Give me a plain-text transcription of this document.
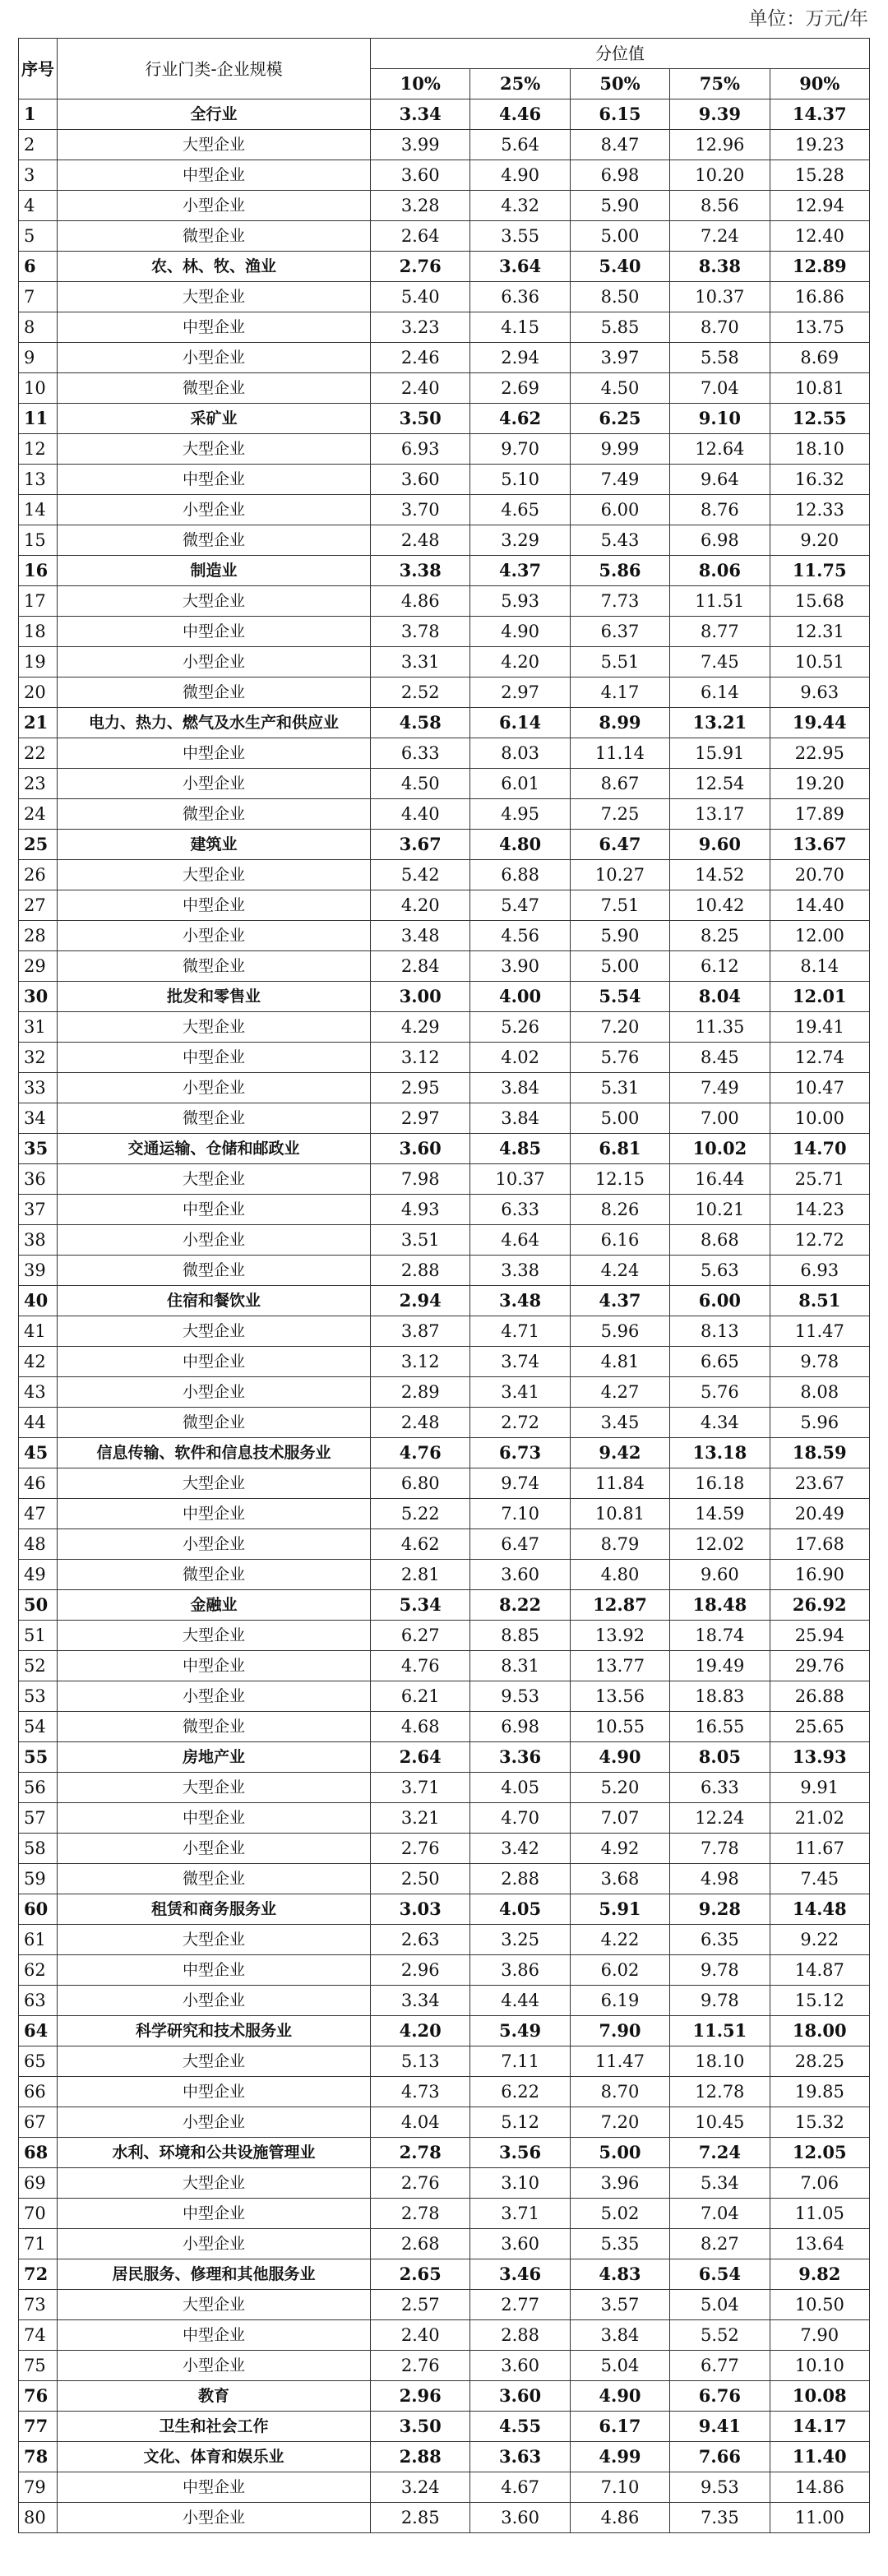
单位：万元/年
序号	行业门类-企业规模	分位值				
		10%	25%	50%	75%	90%
1	全行业	3.34	4.46	6.15	9.39	14.37
2	大型企业	3.99	5.64	8.47	12.96	19.23
3	中型企业	3.60	4.90	6.98	10.20	15.28
4	小型企业	3.28	4.32	5.90	8.56	12.94
5	微型企业	2.64	3.55	5.00	7.24	12.40
6	农、林、牧、渔业	2.76	3.64	5.40	8.38	12.89
7	大型企业	5.40	6.36	8.50	10.37	16.86
8	中型企业	3.23	4.15	5.85	8.70	13.75
9	小型企业	2.46	2.94	3.97	5.58	8.69
10	微型企业	2.40	2.69	4.50	7.04	10.81
11	采矿业	3.50	4.62	6.25	9.10	12.55
12	大型企业	6.93	9.70	9.99	12.64	18.10
13	中型企业	3.60	5.10	7.49	9.64	16.32
14	小型企业	3.70	4.65	6.00	8.76	12.33
15	微型企业	2.48	3.29	5.43	6.98	9.20
16	制造业	3.38	4.37	5.86	8.06	11.75
17	大型企业	4.86	5.93	7.73	11.51	15.68
18	中型企业	3.78	4.90	6.37	8.77	12.31
19	小型企业	3.31	4.20	5.51	7.45	10.51
20	微型企业	2.52	2.97	4.17	6.14	9.63
21	电力、热力、燃气及水生产和供应业	4.58	6.14	8.99	13.21	19.44
22	中型企业	6.33	8.03	11.14	15.91	22.95
23	小型企业	4.50	6.01	8.67	12.54	19.20
24	微型企业	4.40	4.95	7.25	13.17	17.89
25	建筑业	3.67	4.80	6.47	9.60	13.67
26	大型企业	5.42	6.88	10.27	14.52	20.70
27	中型企业	4.20	5.47	7.51	10.42	14.40
28	小型企业	3.48	4.56	5.90	8.25	12.00
29	微型企业	2.84	3.90	5.00	6.12	8.14
30	批发和零售业	3.00	4.00	5.54	8.04	12.01
31	大型企业	4.29	5.26	7.20	11.35	19.41
32	中型企业	3.12	4.02	5.76	8.45	12.74
33	小型企业	2.95	3.84	5.31	7.49	10.47
34	微型企业	2.97	3.84	5.00	7.00	10.00
35	交通运输、仓储和邮政业	3.60	4.85	6.81	10.02	14.70
36	大型企业	7.98	10.37	12.15	16.44	25.71
37	中型企业	4.93	6.33	8.26	10.21	14.23
38	小型企业	3.51	4.64	6.16	8.68	12.72
39	微型企业	2.88	3.38	4.24	5.63	6.93
40	住宿和餐饮业	2.94	3.48	4.37	6.00	8.51
41	大型企业	3.87	4.71	5.96	8.13	11.47
42	中型企业	3.12	3.74	4.81	6.65	9.78
43	小型企业	2.89	3.41	4.27	5.76	8.08
44	微型企业	2.48	2.72	3.45	4.34	5.96
45	信息传输、软件和信息技术服务业	4.76	6.73	9.42	13.18	18.59
46	大型企业	6.80	9.74	11.84	16.18	23.67
47	中型企业	5.22	7.10	10.81	14.59	20.49
48	小型企业	4.62	6.47	8.79	12.02	17.68
49	微型企业	2.81	3.60	4.80	9.60	16.90
50	金融业	5.34	8.22	12.87	18.48	26.92
51	大型企业	6.27	8.85	13.92	18.74	25.94
52	中型企业	4.76	8.31	13.77	19.49	29.76
53	小型企业	6.21	9.53	13.56	18.83	26.88
54	微型企业	4.68	6.98	10.55	16.55	25.65
55	房地产业	2.64	3.36	4.90	8.05	13.93
56	大型企业	3.71	4.05	5.20	6.33	9.91
57	中型企业	3.21	4.70	7.07	12.24	21.02
58	小型企业	2.76	3.42	4.92	7.78	11.67
59	微型企业	2.50	2.88	3.68	4.98	7.45
60	租赁和商务服务业	3.03	4.05	5.91	9.28	14.48
61	大型企业	2.63	3.25	4.22	6.35	9.22
62	中型企业	2.96	3.86	6.02	9.78	14.87
63	小型企业	3.34	4.44	6.19	9.78	15.12
64	科学研究和技术服务业	4.20	5.49	7.90	11.51	18.00
65	大型企业	5.13	7.11	11.47	18.10	28.25
66	中型企业	4.73	6.22	8.70	12.78	19.85
67	小型企业	4.04	5.12	7.20	10.45	15.32
68	水利、环境和公共设施管理业	2.78	3.56	5.00	7.24	12.05
69	大型企业	2.76	3.10	3.96	5.34	7.06
70	中型企业	2.78	3.71	5.02	7.04	11.05
71	小型企业	2.68	3.60	5.35	8.27	13.64
72	居民服务、修理和其他服务业	2.65	3.46	4.83	6.54	9.82
73	大型企业	2.57	2.77	3.57	5.04	10.50
74	中型企业	2.40	2.88	3.84	5.52	7.90
75	小型企业	2.76	3.60	5.04	6.77	10.10
76	教育	2.96	3.60	4.90	6.76	10.08
77	卫生和社会工作	3.50	4.55	6.17	9.41	14.17
78	文化、体育和娱乐业	2.88	3.63	4.99	7.66	11.40
79	中型企业	3.24	4.67	7.10	9.53	14.86
80	小型企业	2.85	3.60	4.86	7.35	11.00
